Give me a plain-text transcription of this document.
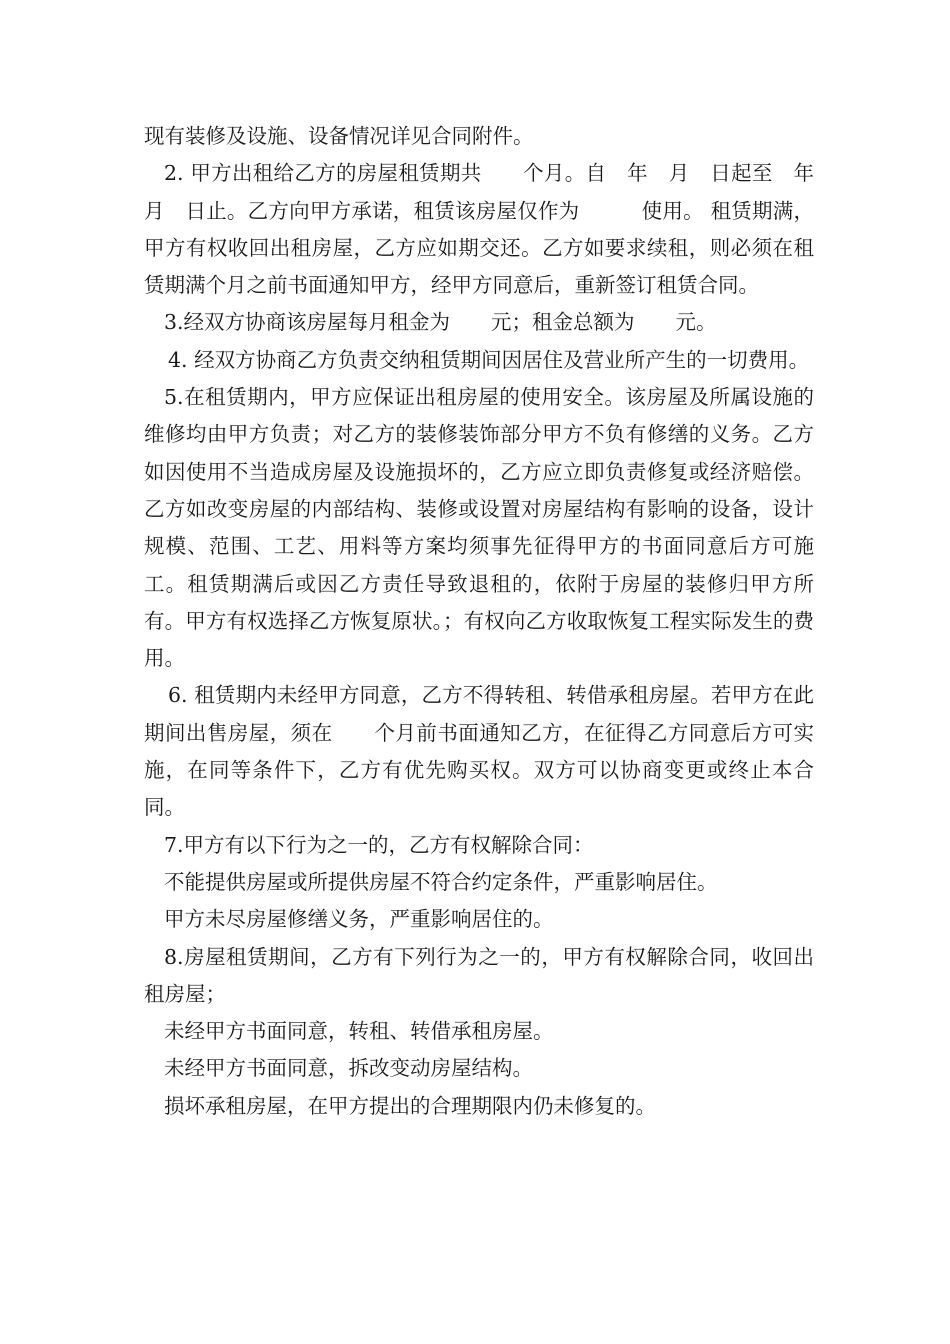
现有装修及设施、设备情况详见合同附件。

2. 甲方出租给乙方的房屋租赁期共　　个月。自　年　月　日起至　年　月　日止。乙方向甲方承诺，租赁该房屋仅作为　　　使用。 租赁期满，甲方有权收回出租房屋，乙方应如期交还。乙方如要求续租，则必须在租赁期满个月之前书面通知甲方，经甲方同意后，重新签订租赁合同。

3.经双方协商该房屋每月租金为　　元；租金总额为　　元。

4. 经双方协商乙方负责交纳租赁期间因居住及营业所产生的一切费用。

5.在租赁期内，甲方应保证出租房屋的使用安全。该房屋及所属设施的维修均由甲方负责；对乙方的装修装饰部分甲方不负有修缮的义务。乙方如因使用不当造成房屋及设施损坏的，乙方应立即负责修复或经济赔偿。乙方如改变房屋的内部结构、装修或设置对房屋结构有影响的设备，设计规模、范围、工艺、用料等方案均须事先征得甲方的书面同意后方可施工。租赁期满后或因乙方责任导致退租的，依附于房屋的装修归甲方所有。甲方有权选择乙方恢复原状。；有权向乙方收取恢复工程实际发生的费用。

6. 租赁期内未经甲方同意，乙方不得转租、转借承租房屋。若甲方在此期间出售房屋，须在　　个月前书面通知乙方，在征得乙方同意后方可实施，在同等条件下，乙方有优先购买权。双方可以协商变更或终止本合同。

7.甲方有以下行为之一的，乙方有权解除合同：

不能提供房屋或所提供房屋不符合约定条件，严重影响居住。

甲方未尽房屋修缮义务，严重影响居住的。

8.房屋租赁期间，乙方有下列行为之一的，甲方有权解除合同，收回出租房屋；

未经甲方书面同意，转租、转借承租房屋。

未经甲方书面同意，拆改变动房屋结构。

损坏承租房屋，在甲方提出的合理期限内仍未修复的。
